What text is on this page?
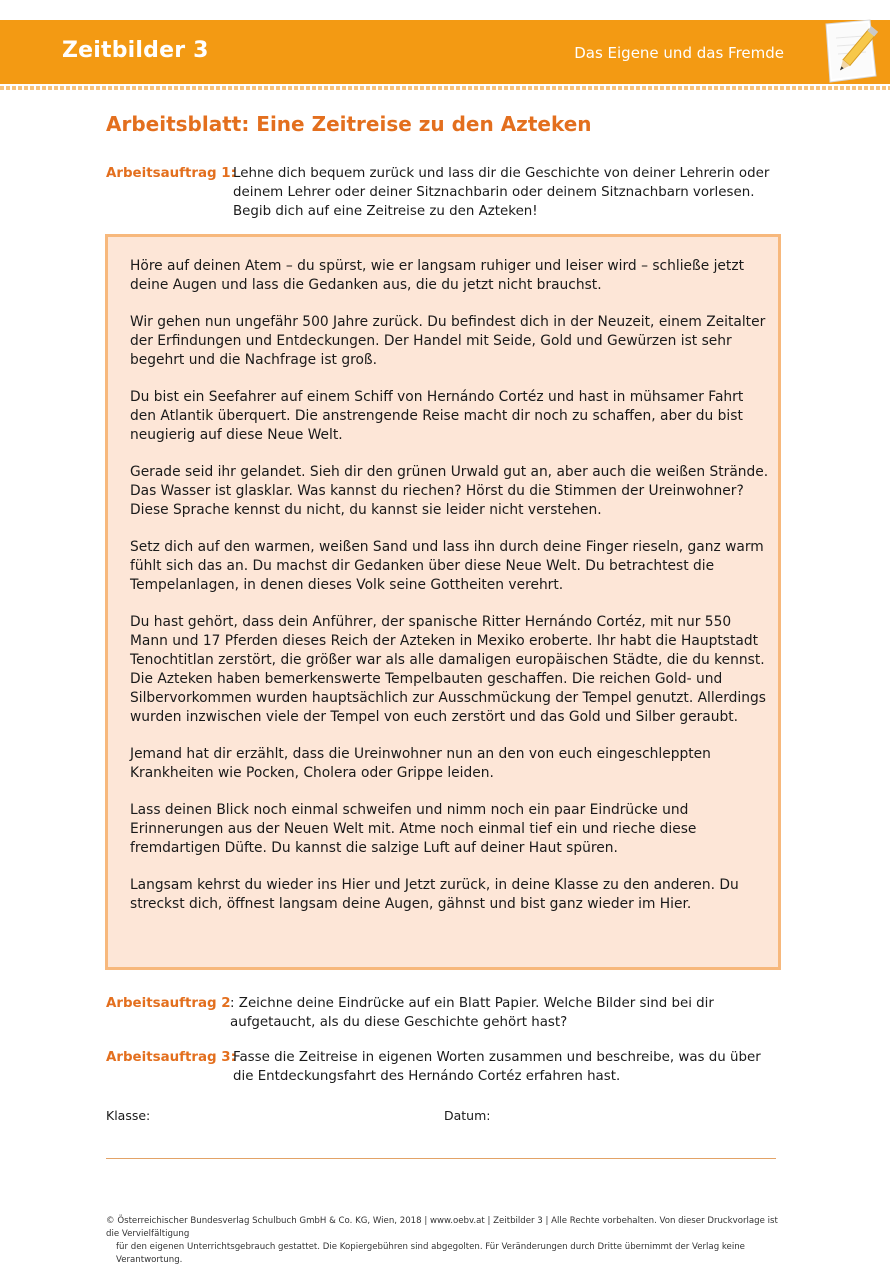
Zeitbilder 3	Das Eigene und das Fremde
Arbeitsblatt: Eine Zeitreise zu den Azteken
Arbeitsauftrag 1:
Lehne dich bequem zurück und lass dir die Geschichte von deiner Lehrerin oder deinem Lehrer oder deiner Sitznachbarin oder deinem Sitznachbarn vorlesen. Begib dich auf eine Zeitreise zu den Azteken!

Höre auf deinen Atem – du spürst, wie er langsam ruhiger und leiser wird – schließe jetzt deine Augen und lass die Gedanken aus, die du jetzt nicht brauchst.

Wir gehen nun ungefähr 500 Jahre zurück. Du befindest dich in der Neuzeit, einem Zeitalter der Erfindungen und Entdeckungen. Der Handel mit Seide, Gold und Gewürzen ist sehr begehrt und die Nachfrage ist groß.

Du bist ein Seefahrer auf einem Schiff von Hernándo Cortéz und hast in mühsamer Fahrt den Atlantik überquert. Die anstrengende Reise macht dir noch zu schaffen, aber du bist neugierig auf diese Neue Welt.

Gerade seid ihr gelandet. Sieh dir den grünen Urwald gut an, aber auch die weißen Strände. Das Wasser ist glasklar. Was kannst du riechen? Hörst du die Stimmen der Ureinwohner? Diese Sprache kennst du nicht, du kannst sie leider nicht verstehen.

Setz dich auf den warmen, weißen Sand und lass ihn durch deine Finger rieseln, ganz warm fühlt sich das an. Du machst dir Gedanken über diese Neue Welt. Du betrachtest die Tempelanlagen, in denen dieses Volk seine Gottheiten verehrt.

Du hast gehört, dass dein Anführer, der spanische Ritter Hernándo Cortéz, mit nur 550 Mann und 17 Pferden dieses Reich der Azteken in Mexiko eroberte. Ihr habt die Hauptstadt Tenochtitlan zerstört, die größer war als alle damaligen europäischen Städte, die du kennst. Die Azteken haben bemerkenswerte Tempelbauten geschaffen. Die reichen Gold- und Silbervorkommen wurden hauptsächlich zur Ausschmückung der Tempel genutzt. Allerdings wurden inzwischen viele der Tempel von euch zerstört und das Gold und Silber geraubt.

Jemand hat dir erzählt, dass die Ureinwohner nun an den von euch eingeschleppten Krankheiten wie Pocken, Cholera oder Grippe leiden.

Lass deinen Blick noch einmal schweifen und nimm noch ein paar Eindrücke und Erinnerungen aus der Neuen Welt mit. Atme noch einmal tief ein und rieche diese fremdartigen Düfte. Du kannst die salzige Luft auf deiner Haut spüren.

Langsam kehrst du wieder ins Hier und Jetzt zurück, in deine Klasse zu den anderen. Du streckst dich, öffnest langsam deine Augen, gähnst und bist ganz wieder im Hier.

Arbeitsauftrag 2 : Zeichne deine Eindrücke auf ein Blatt Papier. Welche Bilder sind bei dir aufgetaucht, als du diese Geschichte gehört hast?
Arbeitsauftrag 3:
Fasse die Zeitreise in eigenen Worten zusammen und beschreibe, was du über die Entdeckungsfahrt des Hernándo Cortéz erfahren hast.
Klasse:	Datum:
© Österreichischer Bundesverlag Schulbuch GmbH & Co. KG, Wien, 2018 | www.oebv.at | Zeitbilder 3 | Alle Rechte vorbehalten. Von dieser Druckvorlage ist die Vervielfältigung
für den eigenen Unterrichtsgebrauch gestattet. Die Kopiergebühren sind abgegolten. Für Veränderungen durch Dritte übernimmt der Verlag keine Verantwortung.
